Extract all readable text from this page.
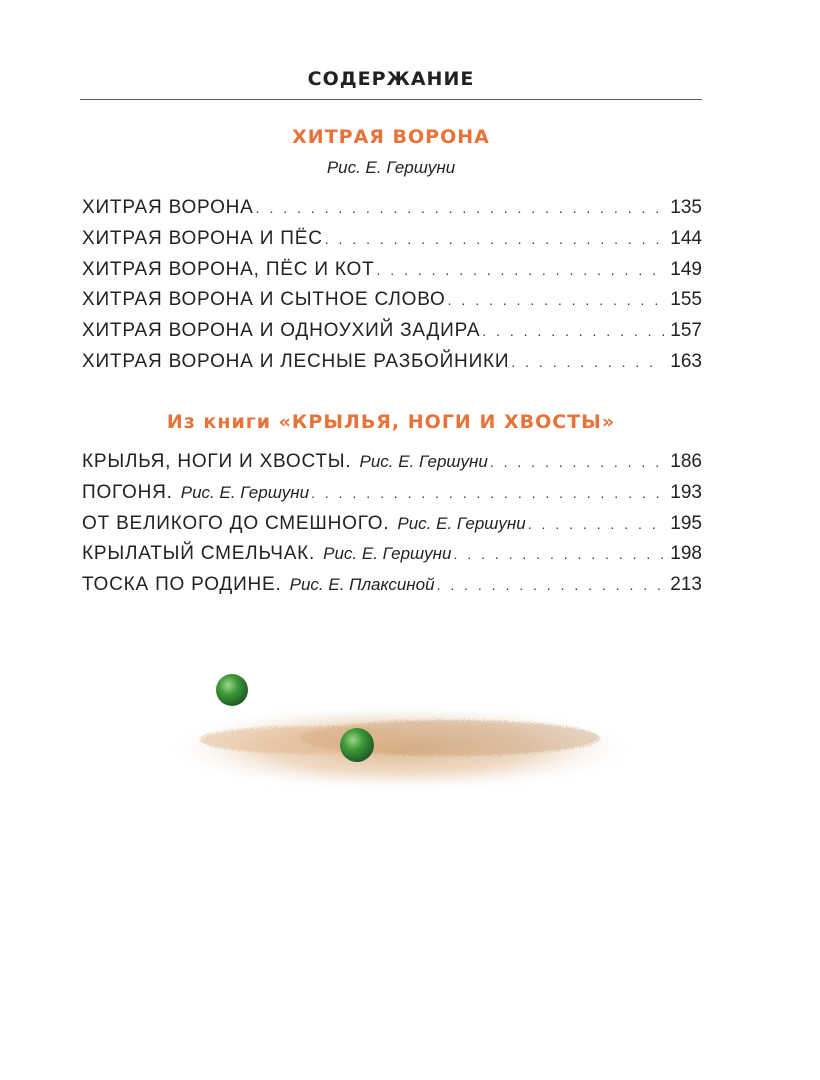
СОДЕРЖАНИЕ
ХИТРАЯ ВОРОНА
Рис. Е. Гершуни
ХИТРАЯ ВОРОНА . . .	135
ХИТРАЯ ВОРОНА И ПЁС . . .	144
ХИТРАЯ ВОРОНА, ПЁС И КОТ . . .	149
ХИТРАЯ ВОРОНА И СЫТНОЕ СЛОВО . . .	155
ХИТРАЯ ВОРОНА И ОДНОУХИЙ ЗАДИРА . . .	157
ХИТРАЯ ВОРОНА И ЛЕСНЫЕ РАЗБОЙНИКИ . . .	163
Из книги «КРЫЛЬЯ, НОГИ И ХВОСТЫ»
КРЫЛЬЯ, НОГИ И ХВОСТЫ. Рис. Е. Гершуни . . .	186
ПОГОНЯ. Рис. Е. Гершуни . . .	193
ОТ ВЕЛИКОГО ДО СМЕШНОГО. Рис. Е. Гершуни . . .	195
КРЫЛАТЫЙ СМЕЛЬЧАК. Рис. Е. Гершуни . . .	198
ТОСКА ПО РОДИНЕ. Рис. Е. Плаксиной . . .	213
